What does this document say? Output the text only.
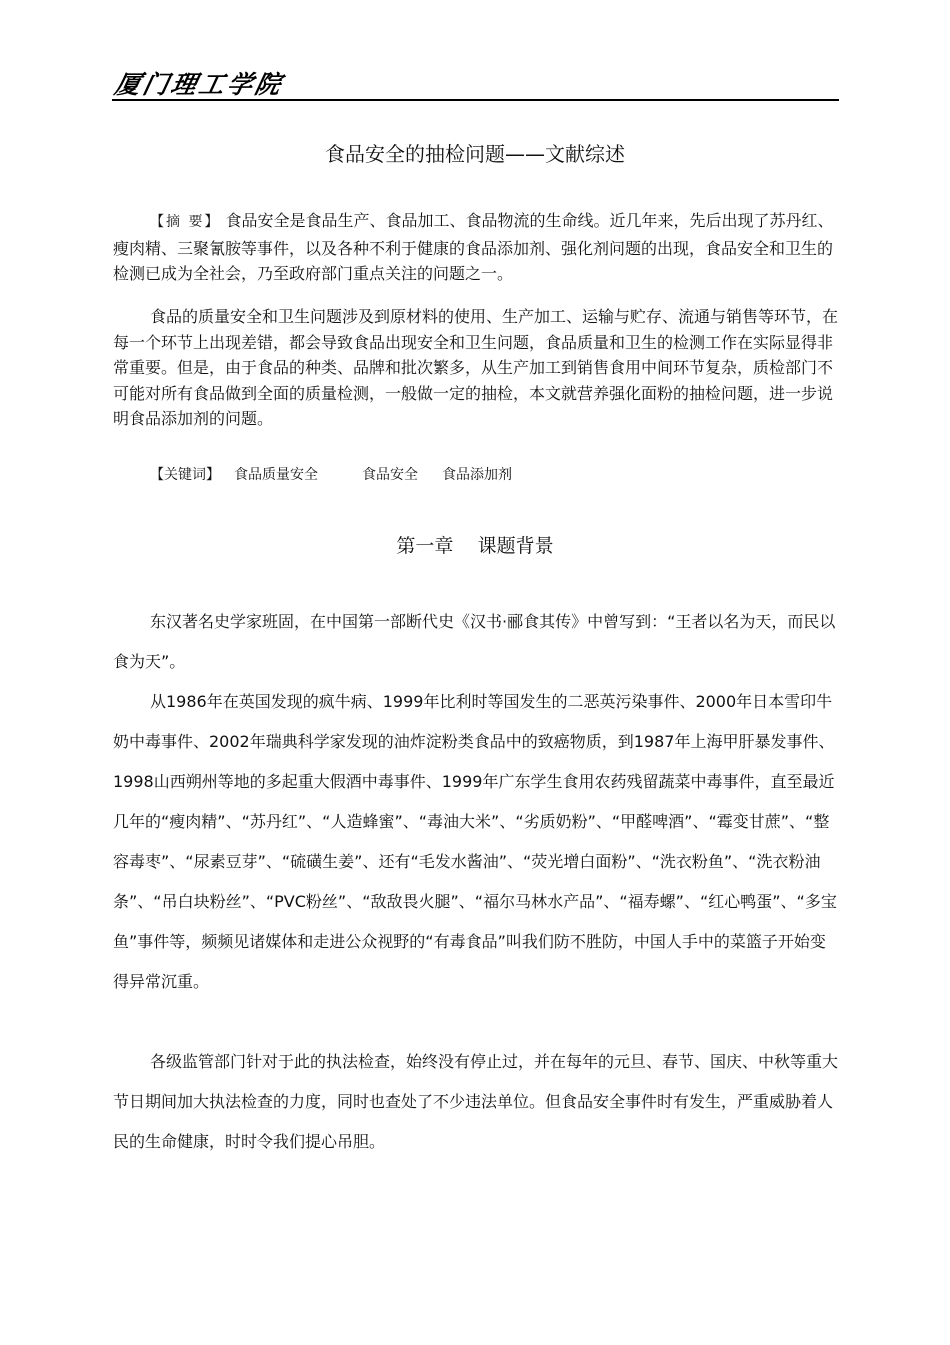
厦门理工学院
食品安全的抽检问题——文献综述
【摘 要】 食品安全是食品生产、食品加工、食品物流的生命线。近几年来，先后出现了苏丹红、瘦肉精、三聚氰胺等事件，以及各种不利于健康的食品添加剂、强化剂问题的出现，食品安全和卫生的检测已成为全社会，乃至政府部门重点关注的问题之一。
食品的质量安全和卫生问题涉及到原材料的使用、生产加工、运输与贮存、流通与销售等环节，在每一个环节上出现差错，都会导致食品出现安全和卫生问题，食品质量和卫生的检测工作在实际显得非常重要。但是，由于食品的种类、品牌和批次繁多，从生产加工到销售食用中间环节复杂，质检部门不可能对所有食品做到全面的质量检测，一般做一定的抽检，本文就营养强化面粉的抽检问题，进一步说明食品添加剂的问题。
【关键词】 食品质量安全	食品安全 食品添加剂
第一章    课题背景
东汉著名史学家班固，在中国第一部断代史《汉书·郦食其传》中曾写到：“王者以名为天，而民以食为天”。
从1986年在英国发现的疯牛病、1999年比利时等国发生的二恶英污染事件、2000年日本雪印牛奶中毒事件、2002年瑞典科学家发现的油炸淀粉类食品中的致癌物质，到1987年上海甲肝暴发事件、1998山西朔州等地的多起重大假酒中毒事件、1999年广东学生食用农药残留蔬菜中毒事件，直至最近几年的“瘦肉精”、“苏丹红”、“人造蜂蜜”、“毒油大米”、“劣质奶粉”、“甲醛啤酒”、“霉变甘蔗”、“整容毒枣”、“尿素豆芽”、“硫磺生姜”、还有“毛发水酱油”、“荧光增白面粉”、“洗衣粉鱼”、“洗衣粉油条”、“吊白块粉丝”、“PVC粉丝”、“敌敌畏火腿”、“福尔马林水产品”、“福寿螺”、“红心鸭蛋”、“多宝鱼”事件等，频频见诸媒体和走进公众视野的“有毒食品”叫我们防不胜防，中国人手中的菜篮子开始变得异常沉重。
各级监管部门针对于此的执法检查，始终没有停止过，并在每年的元旦、春节、国庆、中秋等重大节日期间加大执法检查的力度，同时也查处了不少违法单位。但食品安全事件时有发生，严重威胁着人民的生命健康，时时令我们提心吊胆。
